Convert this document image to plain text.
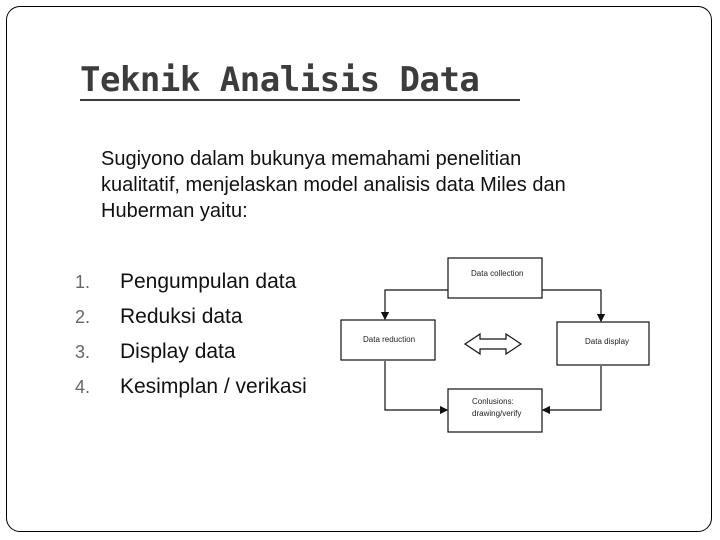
Teknik Analisis Data
Sugiyono dalam bukunya memahami penelitian
kualitatif, menjelaskan model analisis data Miles dan
Huberman yaitu:
1. Pengumpulan data
2. Reduksi data
3. Display data
4. Kesimplan / verikasi
Data collection
Data reduction	Data display
Conlusions:
drawing/verify
